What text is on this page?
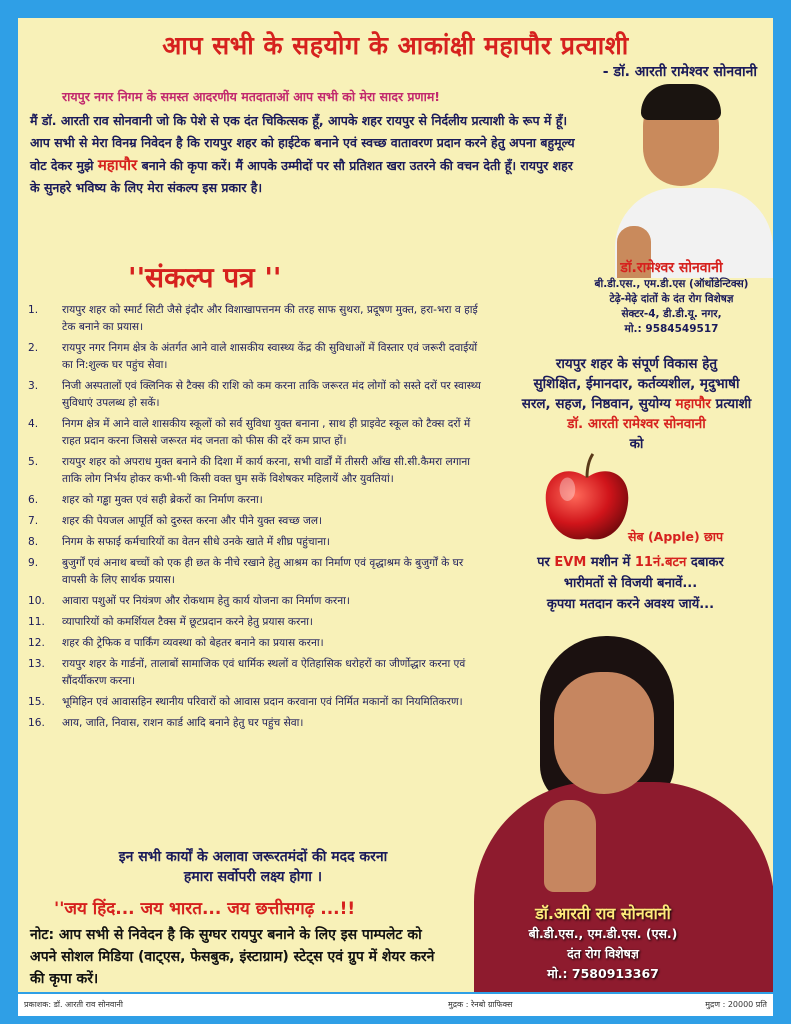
आप सभी के सहयोग के आकांक्षी महापौर प्रत्याशी
- डॉ. आरती रामेश्वर सोनवानी
रायपुर नगर निगम के समस्त आदरणीय मतदाताओं आप सभी को मेरा सादर प्रणाम!
मैं डॉ. आरती राव सोनवानी जो कि पेशे से एक दंत चिकित्सक हूँ, आपके शहर रायपुर से निर्दलीय प्रत्याशी के रूप में हूँ। आप सभी से मेरा विनम्र निवेदन है कि रायपुर शहर को हाईटेक बनाने एवं स्वच्छ वातावरण प्रदान करने हेतु अपना बहुमूल्य वोट देकर मुझे महापौर बनाने की कृपा करें। मैं आपके उम्मीदों पर सौ प्रतिशत खरा उतरने की वचन देती हूँ। रायपुर शहर के सुनहरे भविष्य के लिए मेरा संकल्प इस प्रकार है।
''संकल्प पत्र ''
1.	रायपुर शहर को स्मार्ट सिटी जैसे इंदौर और विशाखापत्तनम की तरह साफ सुथरा, प्रदूषण मुक्त, हरा-भरा व हाई टेक बनाने का प्रयास।
2.	रायपुर नगर निगम क्षेत्र के अंतर्गत आने वाले शासकीय स्वास्थ्य केंद्र की सुविधाओं में विस्तार एवं जरूरी दवाईयों का नि:शुल्क घर पहुंच सेवा।
3.	निजी अस्पतालों एवं क्लिनिक से टैक्स की राशि को कम करना ताकि जरूरत मंद लोगों को सस्ते दरों पर स्वास्थ्य सुविधाएं उपलब्ध हो सकें।
4.	निगम क्षेत्र में आने वाले शासकीय स्कूलों को सर्व सुविधा युक्त बनाना , साथ ही प्राइवेट स्कूल को टैक्स दरों में राहत प्रदान करना जिससे जरूरत मंद जनता को फीस की दरें कम प्राप्त हों।
5.	रायपुर शहर को अपराध मुक्त बनाने की दिशा में कार्य करना, सभी वार्डों में तीसरी आँख सी.सी.कैमरा लगाना ताकि लोग निर्भय होकर कभी-भी किसी वक्त घुम सकें विशेषकर महिलायें और युवतियां।
6.	शहर को गड्ढा मुक्त एवं सही ब्रेकरों का निर्माण करना।
7.	शहर की पेयजल आपूर्ति को दुरुस्त करना और पीने युक्त स्वच्छ जल।
8.	निगम के सफाई कर्मचारियों का वेतन सीधे उनके खाते में शीघ्र पहुंचाना।
9.	बुजुर्गों एवं अनाथ बच्चों को एक ही छत के नीचे रखाने हेतु आश्रम का निर्माण एवं वृद्धाश्रम के बुजुर्गों के घर वापसी के लिए सार्थक प्रयास।
10.	आवारा पशुओं पर नियंत्रण और रोकथाम हेतु कार्य योजना का निर्माण करना।
11.	व्यापारियों को कमर्शियल टैक्स में छूटप्रदान करने हेतु प्रयास करना।
12.	शहर की ट्रेफिक व पार्किंग व्यवस्था को बेहतर बनाने का प्रयास करना।
13.	रायपुर शहर के गार्डनों, तालाबों सामाजिक एवं धार्मिक स्थलों व ऐतिहासिक धरोहरों का जीर्णोद्धार करना एवं सौंदर्यीकरण करना।
15.	भूमिहिन एवं आवासहिन स्थानीय परिवारों को आवास प्रदान करवाना एवं निर्मित मकानों का नियमितिकरण।
16.	आय, जाति, निवास, राशन कार्ड आदि बनाने हेतु घर पहुंच सेवा।
इन सभी कार्यों के अलावा जरूरतमंदों की मदद करना
हमारा सर्वोपरी लक्ष्य होगा ।
''जय हिंद... जय भारत... जय छत्तीसगढ़ ...!!
नोट: आप सभी से निवेदन है कि सुग्घर रायपुर बनाने के लिए इस पाम्पलेट को अपने सोशल मिडिया (वाट्एस, फेसबुक, इंस्टाग्राम) स्टेट्स एवं ग्रुप में शेयर करने की कृपा करें।
डॉ.रामेश्वर सोनवानी
बी.डी.एस., एम.डी.एस (ऑर्थोडेन्टिक्स)
टेढ़े-मेढ़े दांतों के दंत रोग विशेषज्ञ
सेक्टर-4, डी.डी.यू. नगर,
मो.: 9584549517
रायपुर शहर के संपूर्ण विकास हेतु
सुशिक्षित, ईमानदार, कर्तव्यशील, मृदुभाषी
सरल, सहज, निष्ठवान, सुयोग्य महापौर प्रत्याशी
डॉ. आरती रामेश्वर सोनवानी
को
सेब (Apple) छाप
पर EVM मशीन में 11नं.बटन दबाकर
भारीमतों से विजयी बनावें...
कृपया मतदान करने अवश्य जायें...
डॉ.आरती राव सोनवानी
बी.डी.एस., एम.डी.एस. (एस.)
दंत रोग विशेषज्ञ
मो.: 7580913367
प्रकाशक: डॉ. आरती राव सोनवानी	मुद्रक : रेनबो ग्राफिक्स	मुद्रण : 20000 प्रति
